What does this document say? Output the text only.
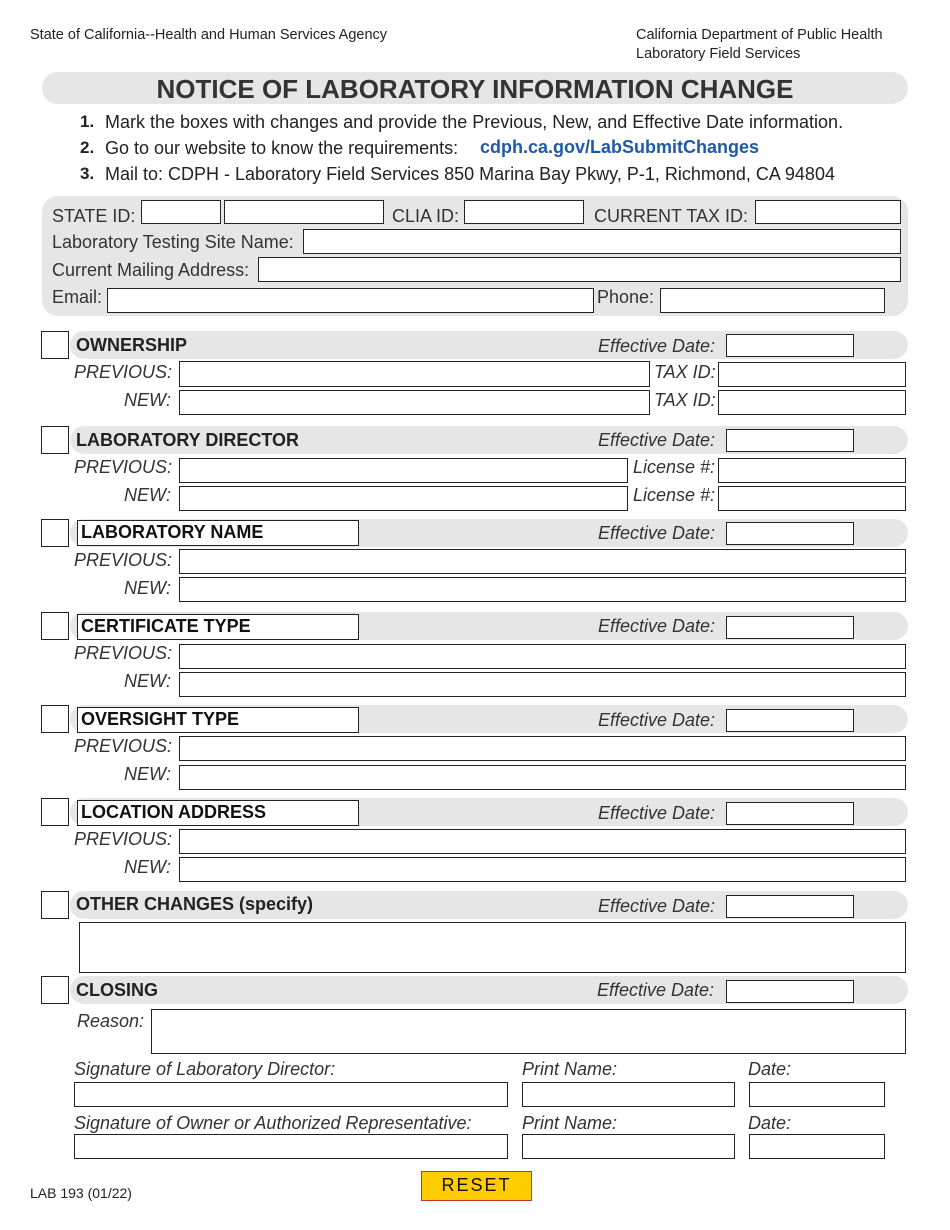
State of California--Health and Human Services Agency	California Department of Public Health
Laboratory Field Services
NOTICE OF LABORATORY INFORMATION CHANGE
1. Mark the boxes with changes and provide the Previous, New, and Effective Date information.
2. Go to our website to know the requirements: cdph.ca.gov/LabSubmitChanges
3. Mail to: CDPH - Laboratory Field Services 850 Marina Bay Pkwy, P-1, Richmond, CA 94804
STATE ID:	CLIA ID:	CURRENT TAX ID:
Laboratory Testing Site Name:
Current Mailing Address:
Email:	Phone:
OWNERSHIP	Effective Date:
PREVIOUS:	TAX ID:
NEW:	TAX ID:
LABORATORY DIRECTOR	Effective Date:
PREVIOUS:	License #:
NEW:	License #:
LABORATORY NAME	Effective Date:
PREVIOUS:
NEW:
CERTIFICATE TYPE	Effective Date:
PREVIOUS:
NEW:
OVERSIGHT TYPE	Effective Date:
PREVIOUS:
NEW:
LOCATION ADDRESS	Effective Date:
PREVIOUS:
NEW:
OTHER CHANGES (specify)	Effective Date:
CLOSING	Effective Date:
Reason:
Signature of Laboratory Director:	Print Name:	Date:
Signature of Owner or Authorized Representative:	Print Name:	Date:
LAB 193 (01/22)	RESET
